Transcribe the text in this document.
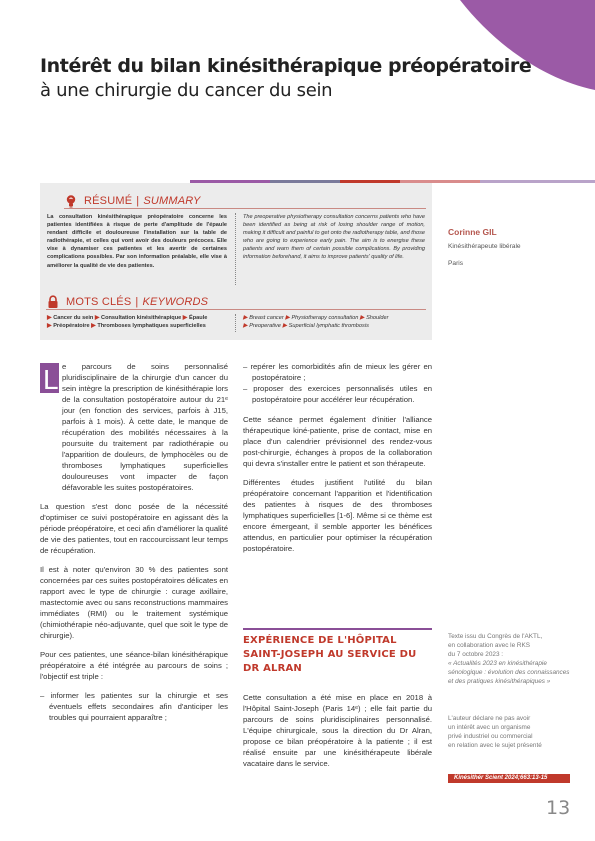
Intérêt du bilan kinésithérapique préopératoire
à une chirurgie du cancer du sein
RÉSUMÉ | SUMMARY
La consultation kinésithérapique préopératoire concerne les patientes identifiées à risque de perte d'amplitude de l'épaule rendant difficile et douloureuse l'installation sur la table de radiothérapie, et celles qui vont avoir des douleurs précoces. Elle vise à dynamiser ces patientes et les avertir de certaines complications possibles. Par son information préalable, elle vise à améliorer la qualité de vie des patientes.
The preoperative physiotherapy consultation concerns patients who have been identified as being at risk of losing shoulder range of motion, making it difficult and painful to get onto the radiotherapy table, and those who are going to experience early pain. The aim is to energise these patients and warn them of certain possible complications. By providing information beforehand, it aims to improve patients' quality of life.
MOTS CLÉS | KEYWORDS
▶ Cancer du sein ▶ Consultation kinésithérapique ▶ Épaule
▶ Préopératoire ▶ Thromboses lymphatiques superficielles
▶ Breast cancer ▶ Physiotherapy consultation ▶ Shoulder
▶ Preoperative ▶ Superficial lymphatic thrombosis
Corinne GIL
Kinésithérapeute libérale
Paris
L e parcours de soins personnalisé pluridisciplinaire de la chirurgie d'un cancer du sein intègre la prescription de kinésithérapie lors de la consultation postopératoire autour du 21ᵉ jour (en fonction des services, parfois à J15, parfois à 1 mois). À cette date, le manque de récupération des mobilités nécessaires à la poursuite du traitement par radiothérapie ou l'apparition de douleurs, de lymphocèles ou de thromboses lymphatiques superficielles douloureuses vont impacter de façon défavorable les suites postopératoires.

La question s'est donc posée de la nécessité d'optimiser ce suivi postopératoire en agissant dès la période préopératoire, et ceci afin d'améliorer la qualité de vie des patientes, tout en raccourcissant leur temps de récupération.

Il est à noter qu'environ 30 % des patientes sont concernées par ces suites postopératoires délicates en rapport avec le type de chirurgie : curage axillaire, mastectomie avec ou sans reconstructions mammaires immédiates (RMI) ou le traitement systémique (chimiothérapie néo-adjuvante, quel que soit le type de chirurgie).

Pour ces patientes, une séance-bilan kinésithérapique préopératoire a été intégrée au parcours de soins ; l'objectif est triple :

– informer les patientes sur la chirurgie et ses éventuels effets secondaires afin d'anticiper les troubles qui pourraient apparaître ;

– repérer les comorbidités afin de mieux les gérer en postopératoire ;

– proposer des exercices personnalisés utiles en postopératoire pour accélérer leur récupération.

Cette séance permet également d'initier l'alliance thérapeutique kiné-patiente, prise de contact, mise en place d'un calendrier prévisionnel des rendez-vous post-chirurgie, échanges à propos de la collaboration qui devra s'installer entre le patient et son thérapeute.

Différentes études justifient l'utilité du bilan préopératoire concernant l'apparition et l'identification des patientes à risques de des thromboses lymphatiques superficielles [1-6]. Même si ce thème est encore émergeant, il semble apporter les bénéfices attendus, en particulier pour optimiser la récupération postopératoire.

EXPÉRIENCE DE L'HÔPITAL SAINT-JOSEPH AU SERVICE DU DR ALRAN

Cette consultation a été mise en place en 2018 à l'Hôpital Saint-Joseph (Paris 14ᵉ) ; elle fait partie du parcours de soins pluridisciplinaires personnalisé. L'équipe chirurgicale, sous la direction du Dr Alran, propose ce bilan préopératoire à la patiente ; il est réalisé ensuite par une kinésithérapeute libérale vacataire dans le service.

Texte issu du Congrès de l'AKTL,
en collaboration avec le RKS
du 7 octobre 2023 :
« Actualités 2023 en kinésithérapie
sénologique : évolution des connaissances
et des pratiques kinésithérapiques »
L'auteur déclare ne pas avoir
un intérêt avec un organisme
privé industriel ou commercial
en relation avec le sujet présenté
Kinésithér Scient 2024;663:13-15
13
